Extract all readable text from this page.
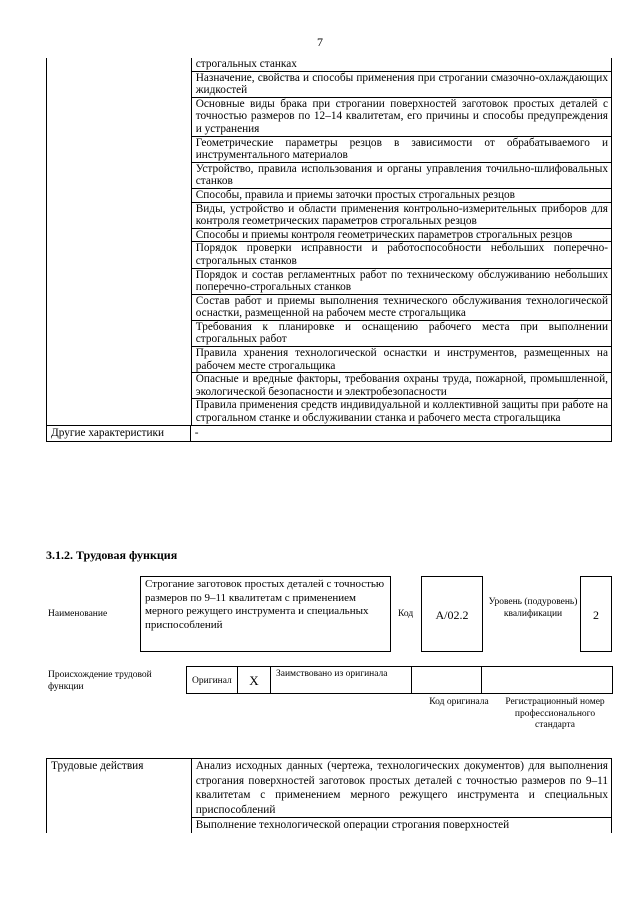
7
строгальных станках
Назначение, свойства и способы применения при строгании смазочно-охлаждающих жидкостей
Основные виды брака при строгании поверхностей заготовок простых деталей с точностью размеров по 12–14 квалитетам, его причины и способы предупреждения и устранения
Геометрические параметры резцов в зависимости от обрабатываемого и инструментального материалов
Устройство, правила использования и органы управления точильно-шлифовальных станков
Способы, правила и приемы заточки простых строгальных резцов
Виды, устройство и области применения контрольно-измерительных приборов для контроля геометрических параметров строгальных резцов
Способы и приемы контроля геометрических параметров строгальных резцов
Порядок проверки исправности и работоспособности небольших поперечно-строгальных станков
Порядок и состав регламентных работ по техническому обслуживанию небольших поперечно-строгальных станков
Состав работ и приемы выполнения технического обслуживания технологической оснастки, размещенной на рабочем месте строгальщика
Требования к планировке и оснащению рабочего места при выполнении строгальных работ
Правила хранения технологической оснастки и инструментов, размещенных на рабочем месте строгальщика
Опасные и вредные факторы, требования охраны труда, пожарной, промышленной, экологической безопасности и электробезопасности
Правила применения средств индивидуальной и коллективной защиты при работе на строгальном станке и обслуживании станка и рабочего места строгальщика
Другие характеристики	-
3.1.2. Трудовая функция
Наименование
Строгание заготовок простых деталей с точностью размеров по 9–11 квалитетам с применением мерного режущего инструмента и специальных приспособлений
Код	А/02.2
Уровень (подуровень) квалификации	2
Происхождение трудовой функции
Оригинал	X	Заимствовано из оригинала
Код оригинала	Регистрационный номер профессионального стандарта
Трудовые действия	Анализ исходных данных (чертежа, технологических документов) для выполнения строгания поверхностей заготовок простых деталей с точностью размеров по 9–11 квалитетам с применением мерного режущего инструмента и специальных приспособлений
Выполнение технологической операции строгания поверхностей
